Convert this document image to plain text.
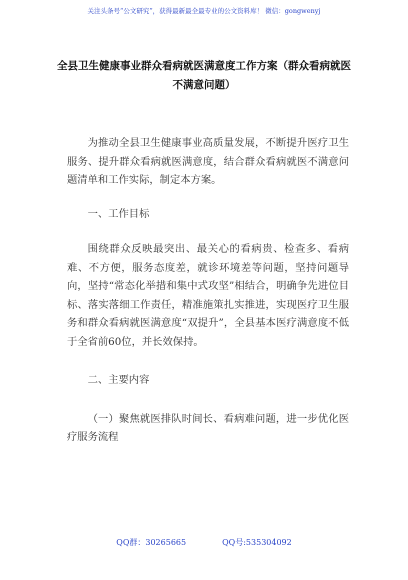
关注头条号“公文研究”，获得最新最全最专业的公文资料库！ 微信：gongwenyj
全县卫生健康事业群众看病就医满意度工作方案（群众看病就医不满意问题）

为推动全县卫生健康事业高质量发展，不断提升医疗卫生服务、提升群众看病就医满意度，结合群众看病就医不满意问题清单和工作实际，制定本方案。

一、工作目标

围绕群众反映最突出、最关心的看病贵、检查多、看病难、不方便，服务态度差，就诊环境差等问题，坚持问题导向，坚持“常态化举措和集中式攻坚”相结合，明确争先进位目标、落实落细工作责任，精准施策扎实推进，实现医疗卫生服务和群众看病就医满意度“双提升”，全县基本医疗满意度不低于全省前60位，并长效保持。

二、主要内容

（一）聚焦就医排队时间长、看病难问题，进一步优化医疗服务流程

QQ群：30265665	QQ号:535304092
